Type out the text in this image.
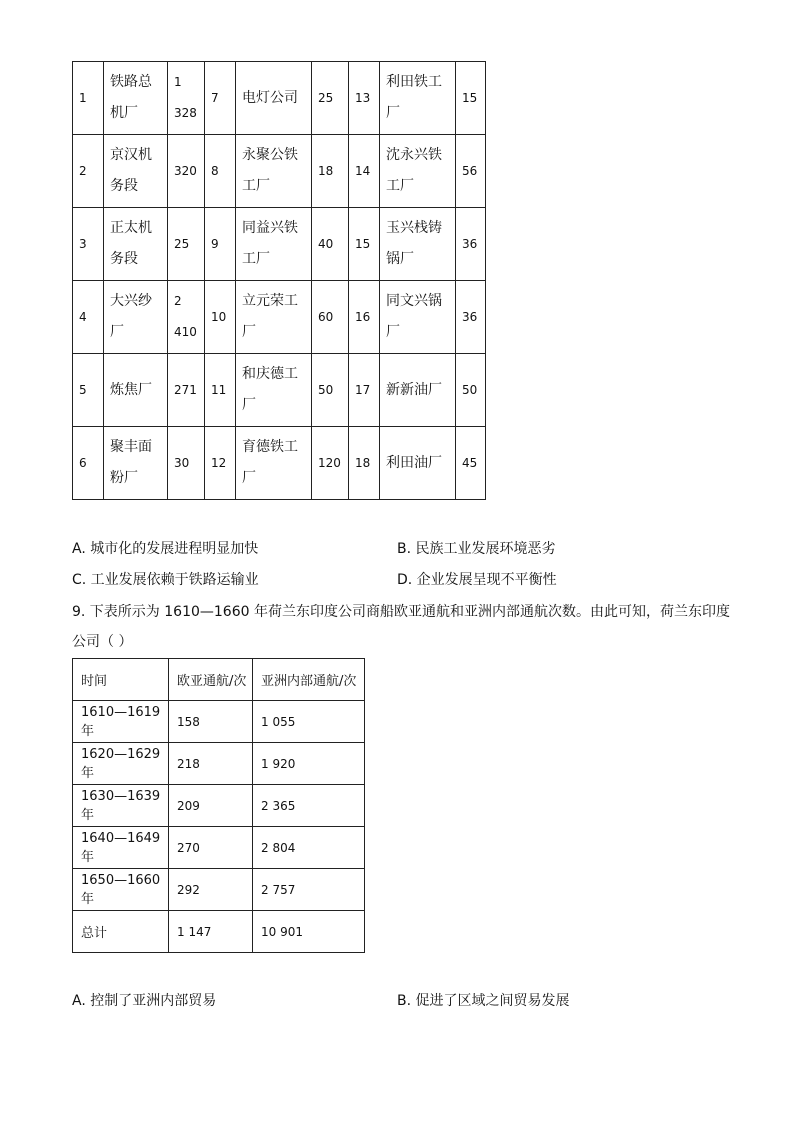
1	铁路总机厂	1 328	7	电灯公司	25	13	利田铁工厂	15
2	京汉机务段	320	8	永聚公铁工厂	18	14	沈永兴铁工厂	56
3	正太机务段	25	9	同益兴铁工厂	40	15	玉兴栈铸锅厂	36
4	大兴纱厂	2 410	10	立元荣工厂	60	16	同文兴锅厂	36
5	炼焦厂	271	11	和庆德工厂	50	17	新新油厂	50
6	聚丰面粉厂	30	12	育德铁工厂	120	18	利田油厂	45
A. 城市化的发展进程明显加快	B. 民族工业发展环境恶劣
C. 工业发展依赖于铁路运输业	D. 企业发展呈现不平衡性
9. 下表所示为 1610—1660 年荷兰东印度公司商船欧亚通航和亚洲内部通航次数。由此可知，荷兰东印度公司（ ）
时间	欧亚通航/次	亚洲内部通航/次
1610—1619 年	158	1 055
1620—1629 年	218	1 920
1630—1639 年	209	2 365
1640—1649 年	270	2 804
1650—1660 年	292	2 757
总计	1 147	10 901
A. 控制了亚洲内部贸易	B. 促进了区域之间贸易发展
